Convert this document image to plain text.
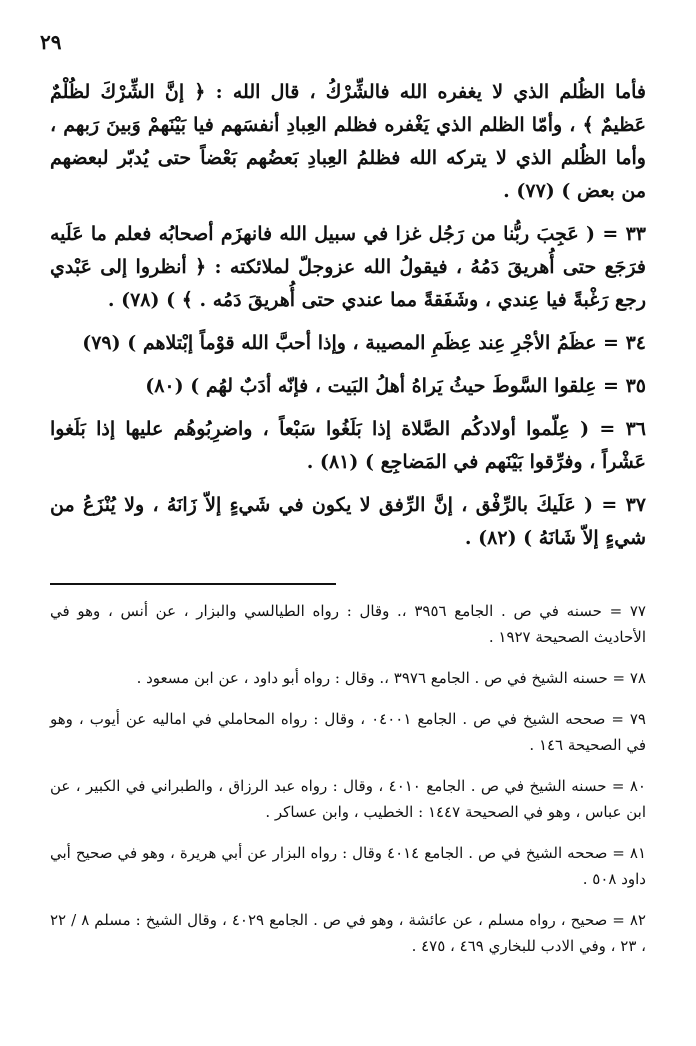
٢٩

فأما الظُلم الذي لا يغفره الله فالشِّرْكُ ، قال الله : ﴿ إنَّ الشِّرْكَ لظُلْمٌ عَظيمٌ ﴾ ، وأمّا الظلم الذي يَغْفره فظلم العِبادِ أنفسَهم فيا بَيْنَهمْ وَبينَ رَبهم ، وأما الظُلم الذي لا يتركه الله فظلمُ العِبادِ بَعضُهم بَعْضاً حتى يُدبّر لبعضهم من بعض ) (٧٧) .

٣٣ = ( عَجِبَ ربُّنا من رَجُل غزا في سبيل الله فانهزَم أصحابُه فعلم ما عَلَيه فرَجَع حتى أُهريقَ دَمُهُ ، فيقولُ الله عزوجلّ لملائكته : ﴿ أنظروا إلى عَبْدي رجع رَغْبةً فيا عِندي ، وشَفَقةً مما عندي حتى أُهريقَ دَمُه . ﴾ ) (٧٨) .

٣٤ = عظَمُ الأجْرِ عِند عِظَمِ المصيبة ، وإذا أحبَّ الله قوْماً إبْتلاهم ) (٧٩)

٣٥ = عِلقوا السَّوطَ حيثُ يَراهُ أهلُ البَيت ، فإنّه أدَبٌ لهُم ) (٨٠)

٣٦ = ( عِلّموا أولادكُم الصَّلاة إذا بَلَغُوا سَبْعاً ، واضرِبُوهُم عليها إذا بَلَغوا عَشْراً ، وفرِّقوا بَيْنَهم في المَضاجِع ) (٨١) .

٣٧ = ( عَلَيكَ بالرِّفْق ، إنَّ الرِّفق لا يكون في شَيءٍ إلاّ زَانَهُ ، ولا يُنْزَعُ من شيءٍ إلاّ شَانَهُ ) (٨٢) .

٧٧ = حسنه في ص . الجامع ٣٩٥٦ ،. وقال : رواه الطيالسي والبزار ، عن أنس ، وهو في الأحاديث الصحيحة ١٩٢٧ .

٧٨ = حسنه الشيخ في ص . الجامع ٣٩٧٦ ،. وقال : رواه أبو داود ، عن ابن مسعود .

٧٩ = صححه الشيخ في ص . الجامع ٠٤٠٠١ ، وقال : رواه المحاملي في اماليه عن أيوب ، وهو في الصحيحة ١٤٦ .

٨٠ = حسنه الشيخ في ص . الجامع ٤٠١٠ ، وقال : رواه عبد الرزاق ، والطبراني في الكبير ، عن ابن عباس ، وهو في الصحيحة ١٤٤٧ : الخطيب ، وابن عساكر .

٨١ = صححه الشيخ في ص . الجامع ٤٠١٤ وقال : رواه البزار عن أبي هريرة ، وهو في صحيح أبي داود ٥٠٨ .

٨٢ = صحيح ، رواه مسلم ، عن عائشة ، وهو في ص . الجامع ٤٠٢٩ ، وقال الشيخ : مسلم ٨ / ٢٢ ، ٢٣ ، وفي الادب للبخاري ٤٦٩ ، ٤٧٥ .
